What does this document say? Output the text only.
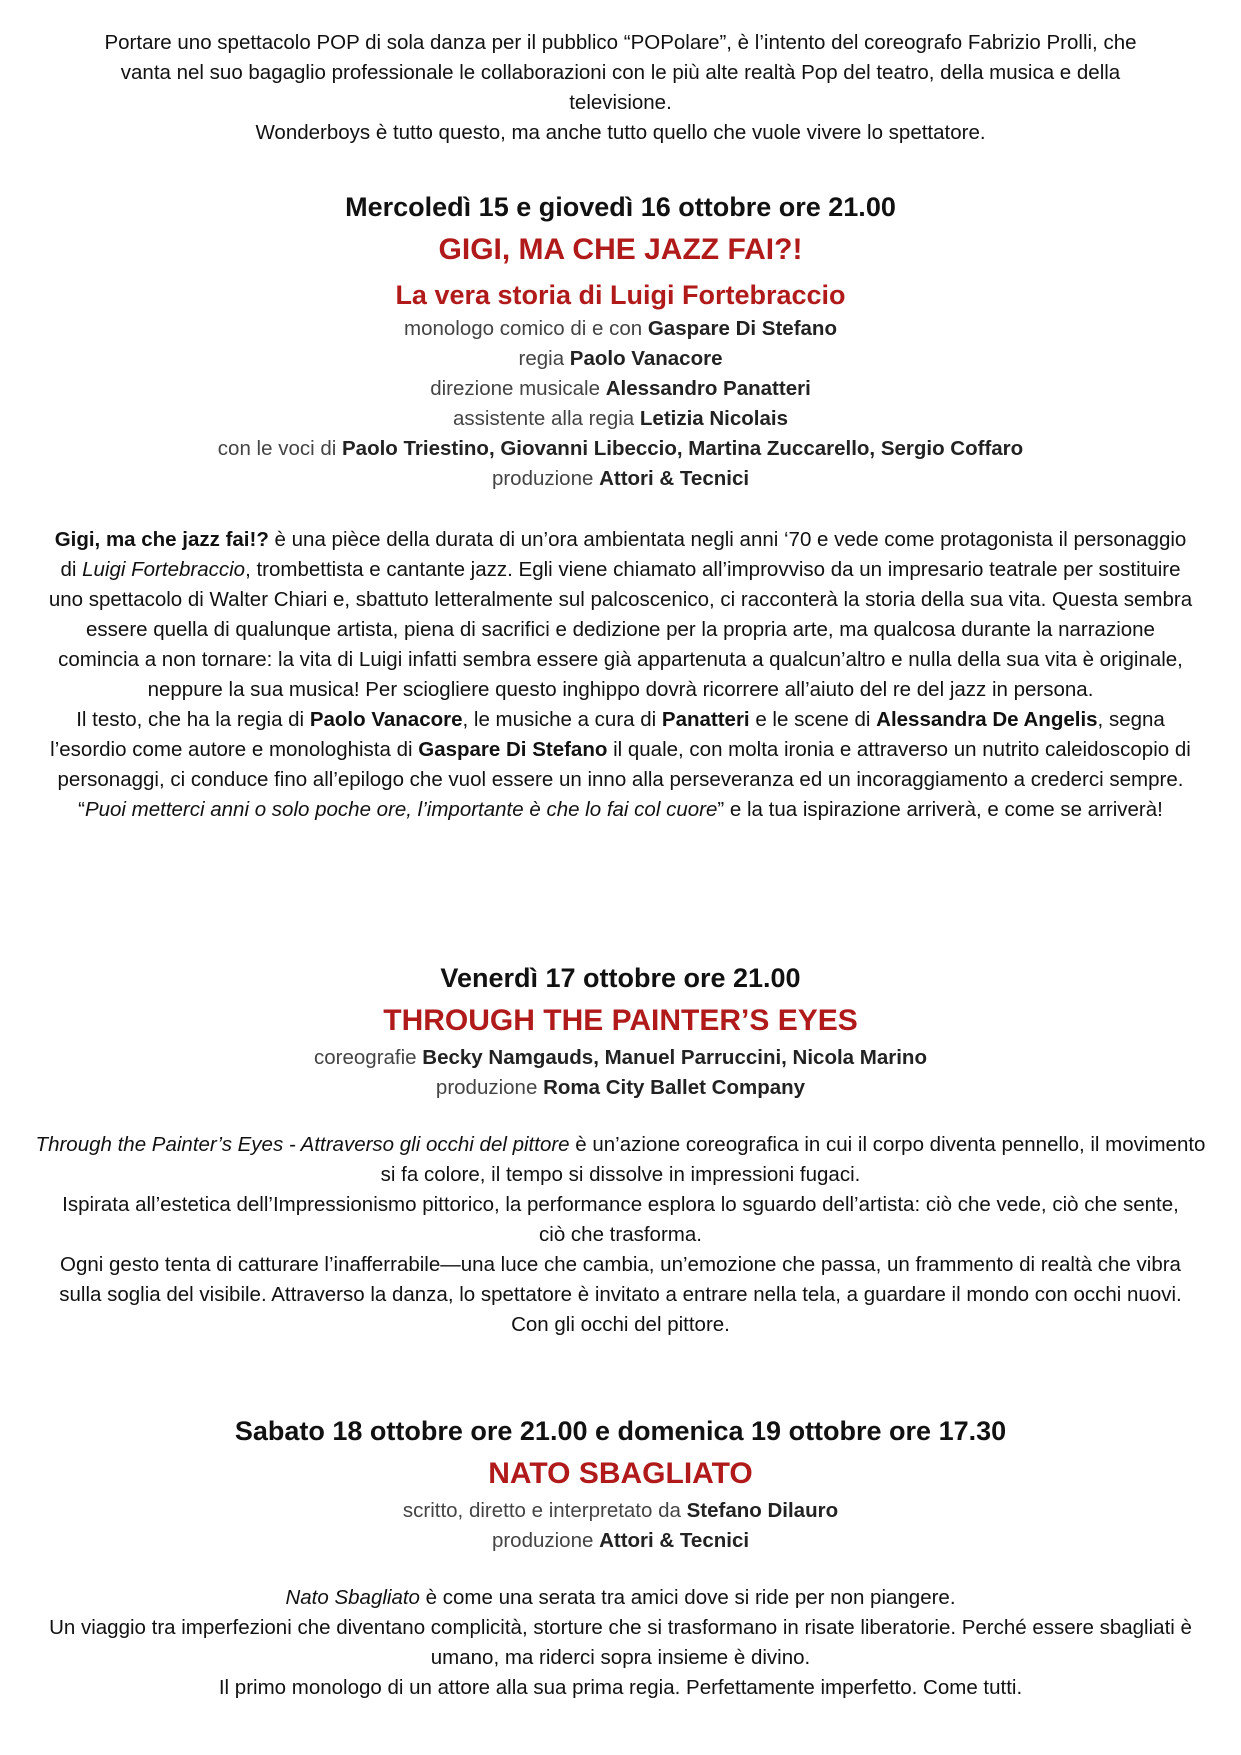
Portare uno spettacolo POP di sola danza per il pubblico “POPolare”, è l’intento del coreografo Fabrizio Prolli, che vanta nel suo bagaglio professionale le collaborazioni con le più alte realtà Pop del teatro, della musica e della televisione.
Wonderboys è tutto questo, ma anche tutto quello che vuole vivere lo spettatore.
Mercoledì 15 e giovedì 16 ottobre ore 21.00
GIGI, MA CHE JAZZ FAI?!
La vera storia di Luigi Fortebraccio
monologo comico di e con Gaspare Di Stefano
regia Paolo Vanacore
direzione musicale Alessandro Panatteri
assistente alla regia Letizia Nicolais
con le voci di Paolo Triestino, Giovanni Libeccio, Martina Zuccarello, Sergio Coffaro
produzione Attori & Tecnici
Gigi, ma che jazz fai!? è una pièce della durata di un’ora ambientata negli anni ‘70 e vede come protagonista il personaggio di Luigi Fortebraccio, trombettista e cantante jazz. Egli viene chiamato all’improvviso da un impresario teatrale per sostituire uno spettacolo di Walter Chiari e, sbattuto letteralmente sul palcoscenico, ci racconterà la storia della sua vita. Questa sembra essere quella di qualunque artista, piena di sacrifici e dedizione per la propria arte, ma qualcosa durante la narrazione comincia a non tornare: la vita di Luigi infatti sembra essere già appartenuta a qualcun’altro e nulla della sua vita è originale, neppure la sua musica! Per sciogliere questo inghippo dovrà ricorrere all’aiuto del re del jazz in persona.
Il testo, che ha la regia di Paolo Vanacore, le musiche a cura di Panatteri e le scene di Alessandra De Angelis, segna l’esordio come autore e monologhista di Gaspare Di Stefano il quale, con molta ironia e attraverso un nutrito caleidoscopio di personaggi, ci conduce fino all’epilogo che vuol essere un inno alla perseveranza ed un incoraggiamento a crederci sempre.
“Puoi metterci anni o solo poche ore, l’importante è che lo fai col cuore” e la tua ispirazione arriverà, e come se arriverà!
Venerdì 17 ottobre ore 21.00
THROUGH THE PAINTER’S EYES
coreografie Becky Namgauds, Manuel Parruccini, Nicola Marino
produzione Roma City Ballet Company
Through the Painter’s Eyes - Attraverso gli occhi del pittore è un’azione coreografica in cui il corpo diventa pennello, il movimento si fa colore, il tempo si dissolve in impressioni fugaci.
Ispirata all’estetica dell’Impressionismo pittorico, la performance esplora lo sguardo dell’artista: ciò che vede, ciò che sente, ciò che trasforma.
Ogni gesto tenta di catturare l’inafferrabile—una luce che cambia, un’emozione che passa, un frammento di realtà che vibra sulla soglia del visibile. Attraverso la danza, lo spettatore è invitato a entrare nella tela, a guardare il mondo con occhi nuovi.
Con gli occhi del pittore.
Sabato 18 ottobre ore 21.00 e domenica 19 ottobre ore 17.30
NATO SBAGLIATO
scritto, diretto e interpretato da Stefano Dilauro
produzione Attori & Tecnici
Nato Sbagliato è come una serata tra amici dove si ride per non piangere.
Un viaggio tra imperfezioni che diventano complicità, storture che si trasformano in risate liberatorie. Perché essere sbagliati è umano, ma riderci sopra insieme è divino.
Il primo monologo di un attore alla sua prima regia. Perfettamente imperfetto. Come tutti.
